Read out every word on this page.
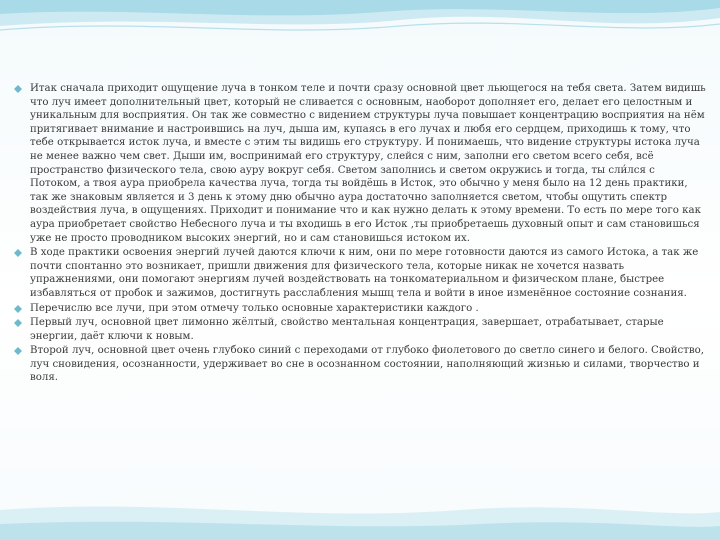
Итак сначала приходит ощущение луча в тонком теле и почти сразу основной цвет льющегося на тебя света. Затем видишь что луч имеет дополнительный цвет, который не сливается с основным, наоборот дополняет его, делает его целостным и уникальным для восприятия. Он так же совместно с видением структуры луча повышает концентрацию восприятия на нём притягивает внимание и настроившись на луч, дыша им, купаясь в его лучах и любя его сердцем, приходишь к тому, что тебе открывается исток луча, и вместе с этим ты видишь его структуру. И понимаешь, что видение структуры истока луча не менее важно чем свет. Дыши им, воспринимай его структуру, слейся с ним, заполни его светом всего себя, всё пространство физического тела, свою ауру вокруг себя. Светом заполнись и светом окружись и тогда, ты сли́лся с Потоком, а твоя аура приобрела качества луча, тогда ты войдёшь в Исток, это обычно у меня было на 12 день практики, так же знаковым является и 3 день к этому дню обычно аура достаточно заполняется светом, чтобы ощутить спектр воздействия луча, в ощущениях. Приходит и понимание что и как нужно делать к этому времени. То есть по мере того как аура приобретает свойство Небесного луча и ты входишь в его Исток ,ты приобретаешь духовный опыт и сам становишься уже не просто проводником высоких энергий, но и сам становишься истоком их.
В ходе практики освоения энергий лучей даются ключи к ним, они по мере готовности даются из самого Истока, а так же почти спонтанно это возникает, пришли движения для физического тела, которые никак не хочется назвать упражнениями, они помогают энергиям лучей воздействовать на тонкоматериальном и физическом плане, быстрее избавляться от пробок и зажимов, достигнуть расслабления мышц тела и войти в иное изменённое состояние сознания.
Перечислю все лучи, при этом отмечу только основные характеристики каждого .
Первый луч, основной цвет лимонно жёлтый, свойство ментальная концентрация, завершает, отрабатывает, старые энергии, даёт ключи к новым.
Второй луч, основной цвет очень глубоко синий с переходами от глубоко фиолетового до светло синего и белого. Свойство, луч сновидения, осознанности, удерживает во сне в осознанном состоянии, наполняющий жизнью и силами, творчество и воля.
